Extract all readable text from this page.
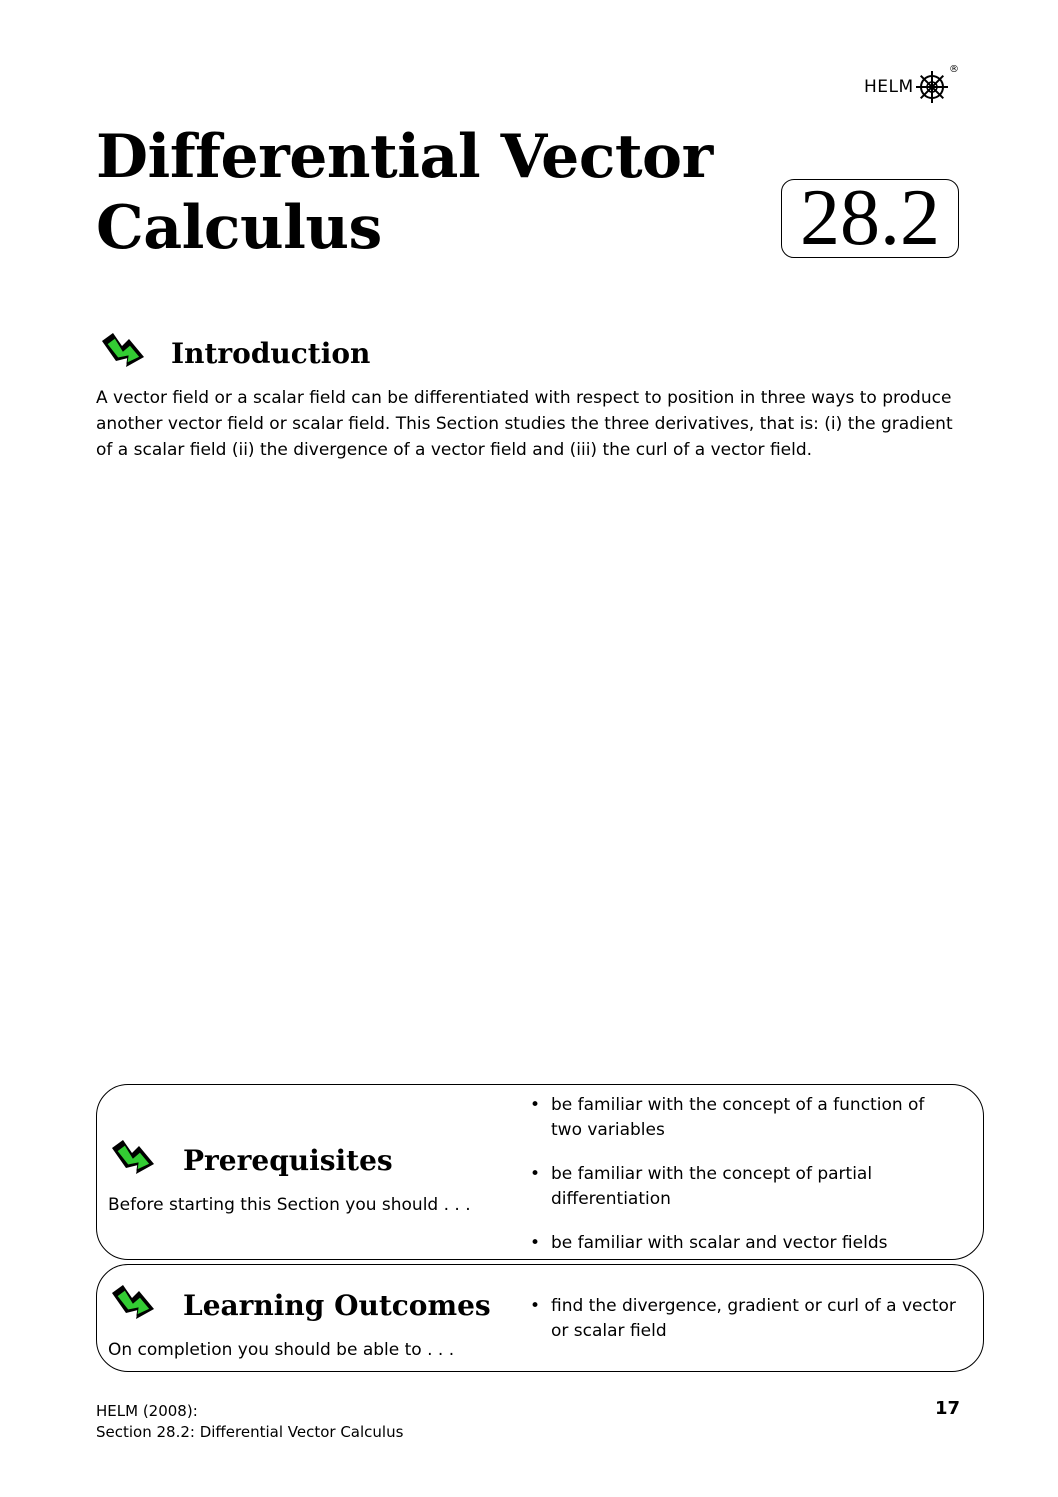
HELM
®
Differential Vector
Calculus	28.2
Introduction

A vector field or a scalar field can be differentiated with respect to position in three ways to produce another vector field or scalar field. This Section studies the three derivatives, that is: (i) the gradient of a scalar field (ii) the divergence of a vector field and (iii) the curl of a vector field.

Prerequisites

Before starting this Section you should . . .

• be familiar with the concept of a function of two variables
• be familiar with the concept of partial differentiation
• be familiar with scalar and vector fields
Learning Outcomes

On completion you should be able to . . .

• find the divergence, gradient or curl of a vector or scalar field
HELM (2008):
Section 28.2: Differential Vector Calculus
17
